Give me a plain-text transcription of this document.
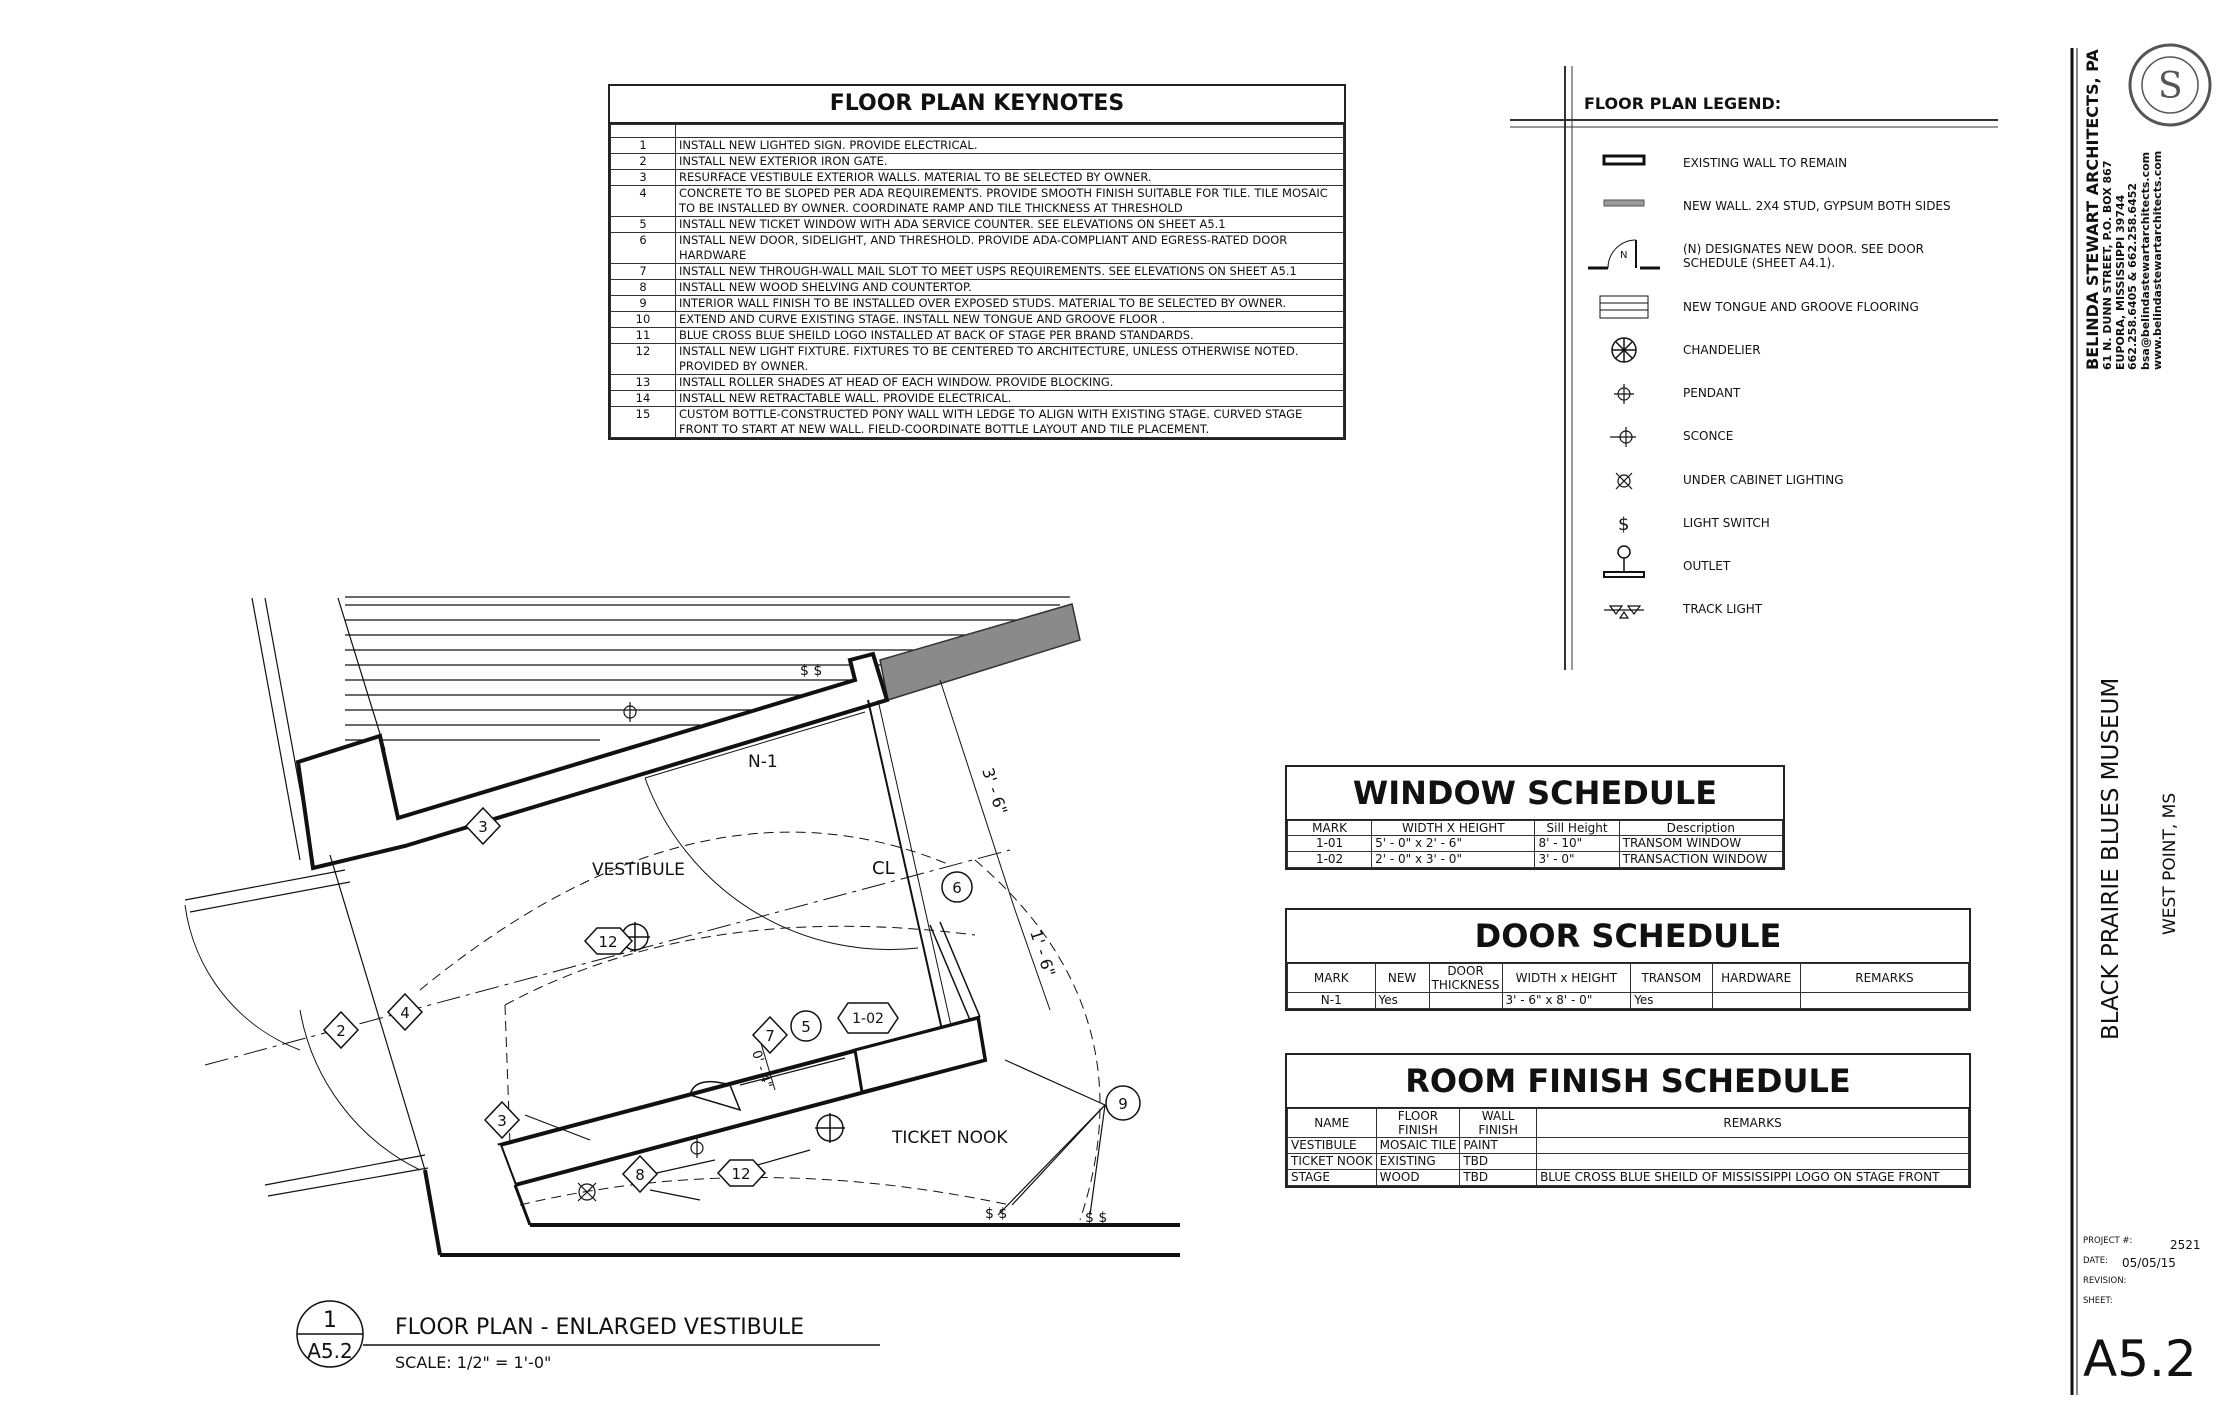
FLOOR PLAN KEYNOTES

1	INSTALL NEW LIGHTED SIGN. PROVIDE ELECTRICAL.
2	INSTALL NEW EXTERIOR IRON GATE.
3	RESURFACE VESTIBULE EXTERIOR WALLS. MATERIAL TO BE SELECTED BY OWNER.
4	CONCRETE TO BE SLOPED PER ADA REQUIREMENTS. PROVIDE SMOOTH FINISH SUITABLE FOR TILE. TILE MOSAIC TO BE INSTALLED BY OWNER. COORDINATE RAMP AND TILE THICKNESS AT THRESHOLD
5	INSTALL NEW TICKET WINDOW WITH ADA SERVICE COUNTER. SEE ELEVATIONS ON SHEET A5.1
6	INSTALL NEW DOOR, SIDELIGHT, AND THRESHOLD. PROVIDE ADA-COMPLIANT AND EGRESS-RATED DOOR HARDWARE
7	INSTALL NEW THROUGH-WALL MAIL SLOT TO MEET USPS REQUIREMENTS. SEE ELEVATIONS ON SHEET A5.1
8	INSTALL NEW WOOD SHELVING AND COUNTERTOP.
9	INTERIOR WALL FINISH TO BE INSTALLED OVER EXPOSED STUDS. MATERIAL TO BE SELECTED BY OWNER.
10	EXTEND AND CURVE EXISTING STAGE. INSTALL NEW TONGUE AND GROOVE FLOOR .
11	BLUE CROSS BLUE SHEILD LOGO INSTALLED AT BACK OF STAGE PER BRAND STANDARDS.
12	INSTALL NEW LIGHT FIXTURE. FIXTURES TO BE CENTERED TO ARCHITECTURE, UNLESS OTHERWISE NOTED. PROVIDED BY OWNER.
13	INSTALL ROLLER SHADES AT HEAD OF EACH WINDOW. PROVIDE BLOCKING.
14	INSTALL NEW RETRACTABLE WALL. PROVIDE ELECTRICAL.
15	CUSTOM BOTTLE-CONSTRUCTED PONY WALL WITH LEDGE TO ALIGN WITH EXISTING STAGE. CURVED STAGE FRONT TO START AT NEW WALL. FIELD-COORDINATE BOTTLE LAYOUT AND TILE PLACEMENT.
FLOOR PLAN LEGEND:
N
$
EXISTING WALL TO REMAIN
NEW WALL. 2X4 STUD, GYPSUM BOTH SIDES
(N) DESIGNATES NEW DOOR. SEE DOOR SCHEDULE (SHEET A4.1).
NEW TONGUE AND GROOVE FLOORING
CHANDELIER
PENDANT
SCONCE
UNDER CABINET LIGHTING
LIGHT SWITCH
OUTLET
TRACK LIGHT
WINDOW SCHEDULE
MARK	WIDTH X HEIGHT	Sill Height	Description
1-01	5' - 0" x 2' - 6"	8' - 10"	TRANSOM WINDOW
1-02	2' - 0" x 3' - 0"	3' - 0"	TRANSACTION WINDOW
DOOR SCHEDULE
MARK	NEW	DOOR THICKNESS	WIDTH x HEIGHT	TRANSOM	HARDWARE	REMARKS
N-1	Yes		3' - 6" x 8' - 0"	Yes		
ROOM FINISH SCHEDULE
NAME	FLOOR FINISH	WALL FINISH	REMARKS
VESTIBULE	MOSAIC TILE	PAINT	
TICKET NOOK	EXISTING	TBD	
STAGE	WOOD	TBD	BLUE CROSS BLUE SHEILD OF MISSISSIPPI LOGO ON STAGE FRONT
$ $
$ $	$ $
3
6
12
2
4
7 5
3
8	12
9
1-02
1
A5.2
3' - 6"
1' - 6"
0' - 4"
N-1
VESTIBULE
TICKET NOOK
CL
FLOOR PLAN - ENLARGED VESTIBULE
SCALE: 1/2" = 1'-0"
S
BELINDA STEWART ARCHITECTS, PA 61 N. DUNN STREET, P.O. BOX 867 EUPORA, MISSISSIPPI 39744 662.258.6405 & 662.258.6452 bsa@belindastewartarchitects.com www.belindastewartarchitects.com
BLACK PRAIRIE BLUES MUSEUM WEST POINT, MS
PROJECT #:	2521
DATE: 05/05/15
REVISION:
SHEET:
A5.2
